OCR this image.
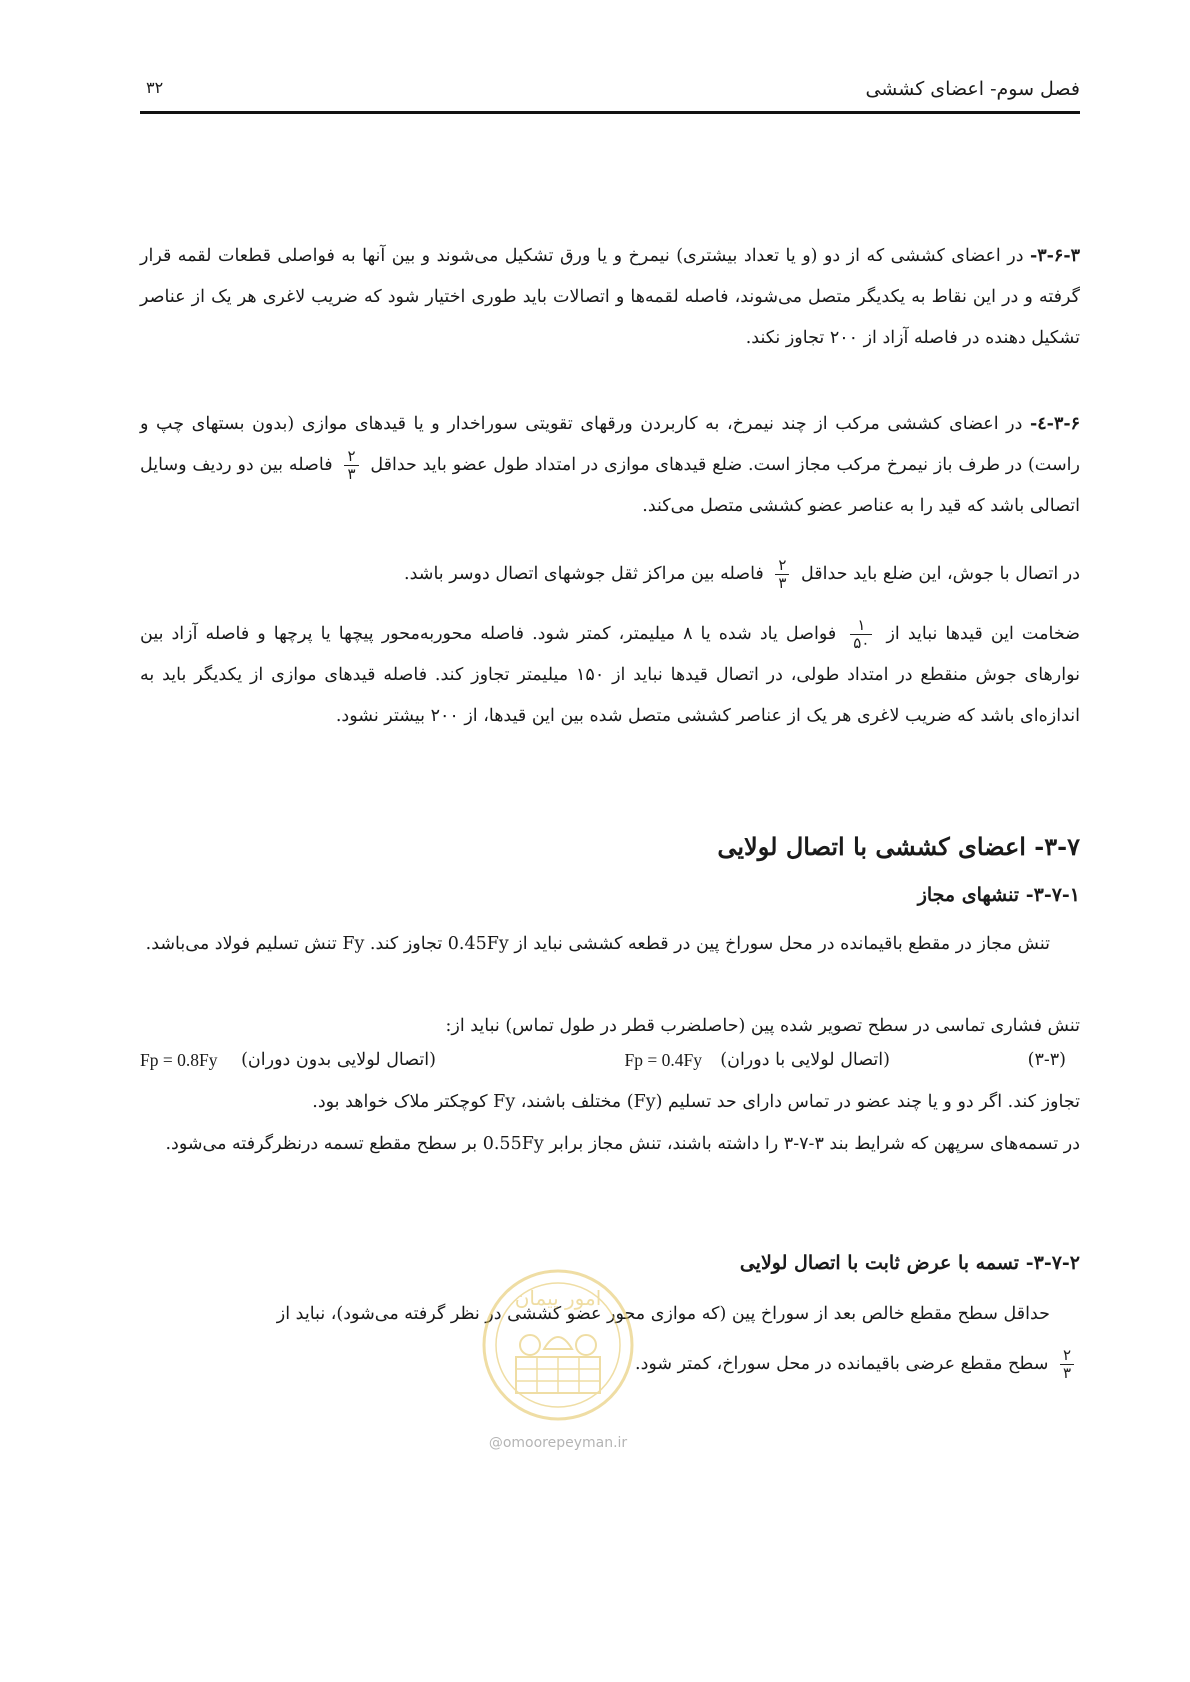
فصل سوم- اعضای کششی
۳۲

۳-۶-۳- در اعضای کششی که از دو (و یا تعداد بیشتری) نیمرخ و یا ورق تشکیل می‌شوند و بین آنها به فواصلی قطعات لقمه قرار گرفته و در این نقاط به یکدیگر متصل می‌شوند، فاصله لقمه‌ها و اتصالات باید طوری اختیار شود که ضریب لاغری هر یک از عناصر تشکیل دهنده در فاصله آزاد از ۲۰۰ تجاوز نکند.

۳-۶-٤- در اعضای کششی مرکب از چند نیمرخ، به کاربردن ورقهای تقویتی سوراخدار و یا قیدهای موازی (بدون بستهای چپ و راست) در طرف باز نیمرخ مرکب مجاز است. ضلع قیدهای موازی در امتداد طول عضو باید حداقل
$\frac{۲}{۳}$
فاصله بین دو ردیف وسایل اتصالی باشد که قید را به عناصر عضو کششی متصل می‌کند.

در اتصال با جوش، این ضلع باید حداقل
$\frac{۲}{۳}$
فاصله بین مراکز ثقل جوشهای اتصال دوسر باشد.

ضخامت این قیدها نباید از
$\frac{۱}{۵۰}$
فواصل یاد شده یا ۸ میلیمتر، کمتر شود. فاصله محوربه‌محور پیچها یا پرچها و فاصله آزاد بین نوارهای جوش منقطع در امتداد طولی، در اتصال قیدها نباید از ۱۵۰ میلیمتر تجاوز کند. فاصله قیدهای موازی از یکدیگر باید به اندازه‌ای باشد که ضریب لاغری هر یک از عناصر کششی متصل شده بین این قیدها، از ۲۰۰ بیشتر نشود.

۳-۷- اعضای کششی با اتصال لولایی
۳-۷-۱- تنشهای مجاز

تنش مجاز در مقطع باقیمانده در محل سوراخ پین در قطعه کششی نباید از 0.45Fy تجاوز کند. Fy تنش تسلیم فولاد می‌باشد.

تنش فشاری تماسی در سطح تصویر شده پین (حاصلضرب قطر در طول تماس) نباید از:

(۳-۳)
(اتصال لولایی با دوران)
Fp = 0.4Fy
(اتصال لولایی بدون دوران)
Fp = 0.8Fy

تجاوز کند. اگر دو و یا چند عضو در تماس دارای حد تسلیم (Fy) مختلف باشند، Fy کوچکتر ملاک خواهد بود.

در تسمه‌های سرپهن که شرایط بند ۳-۷-۳ را داشته باشند، تنش مجاز برابر 0.55Fy بر سطح مقطع تسمه درنظرگرفته می‌شود.

۳-۷-۲- تسمه با عرض ثابت با اتصال لولایی

حداقل سطح مقطع خالص بعد از سوراخ پین (که موازی محور عضو کششی در نظر گرفته می‌شود)، نباید از

$\frac{۲}{۳}$
سطح مقطع عرضی باقیمانده در محل سوراخ، کمتر شود.

امور پیمان
@omoorepeyman.ir
